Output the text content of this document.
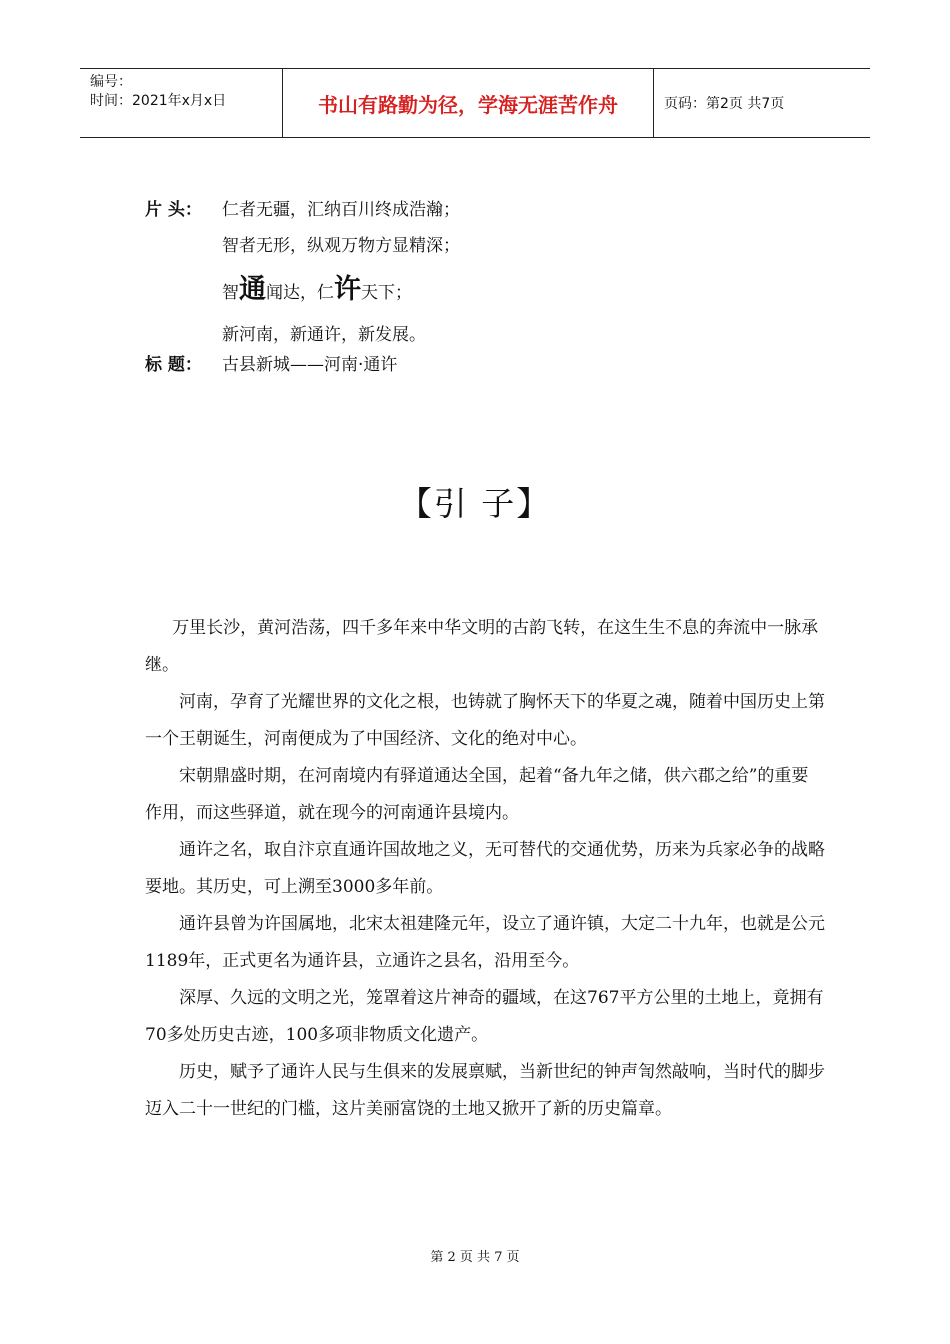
编号：
时间：2021年x月x日	书山有路勤为径，学海无涯苦作舟	页码：第2页 共7页
片 头： 仁者无疆，汇纳百川终成浩瀚；
智者无形，纵观万物方显精深；
智通闻达，仁许天下；
新河南，新通许，新发展。
标 题： 古县新城——河南·通许
【引 子】

万里长沙，黄河浩荡，四千多年来中华文明的古韵飞转，在这生生不息的奔流中一脉承继。

河南，孕育了光耀世界的文化之根，也铸就了胸怀天下的华夏之魂，随着中国历史上第一个王朝诞生，河南便成为了中国经济、文化的绝对中心。

宋朝鼎盛时期，在河南境内有驿道通达全国，起着“备九年之储，供六郡之给”的重要作用，而这些驿道，就在现今的河南通许县境内。

通许之名，取自汴京直通许国故地之义，无可替代的交通优势，历来为兵家必争的战略要地。其历史，可上溯至3000多年前。

通许县曾为许国属地，北宋太祖建隆元年，设立了通许镇，大定二十九年，也就是公元1189年，正式更名为通许县，立通许之县名，沿用至今。

深厚、久远的文明之光，笼罩着这片神奇的疆域，在这767平方公里的土地上，竟拥有70多处历史古迹，100多项非物质文化遗产。

历史，赋予了通许人民与生俱来的发展禀赋，当新世纪的钟声訇然敲响，当时代的脚步迈入二十一世纪的门槛，这片美丽富饶的土地又掀开了新的历史篇章。

第 2 页 共 7 页
